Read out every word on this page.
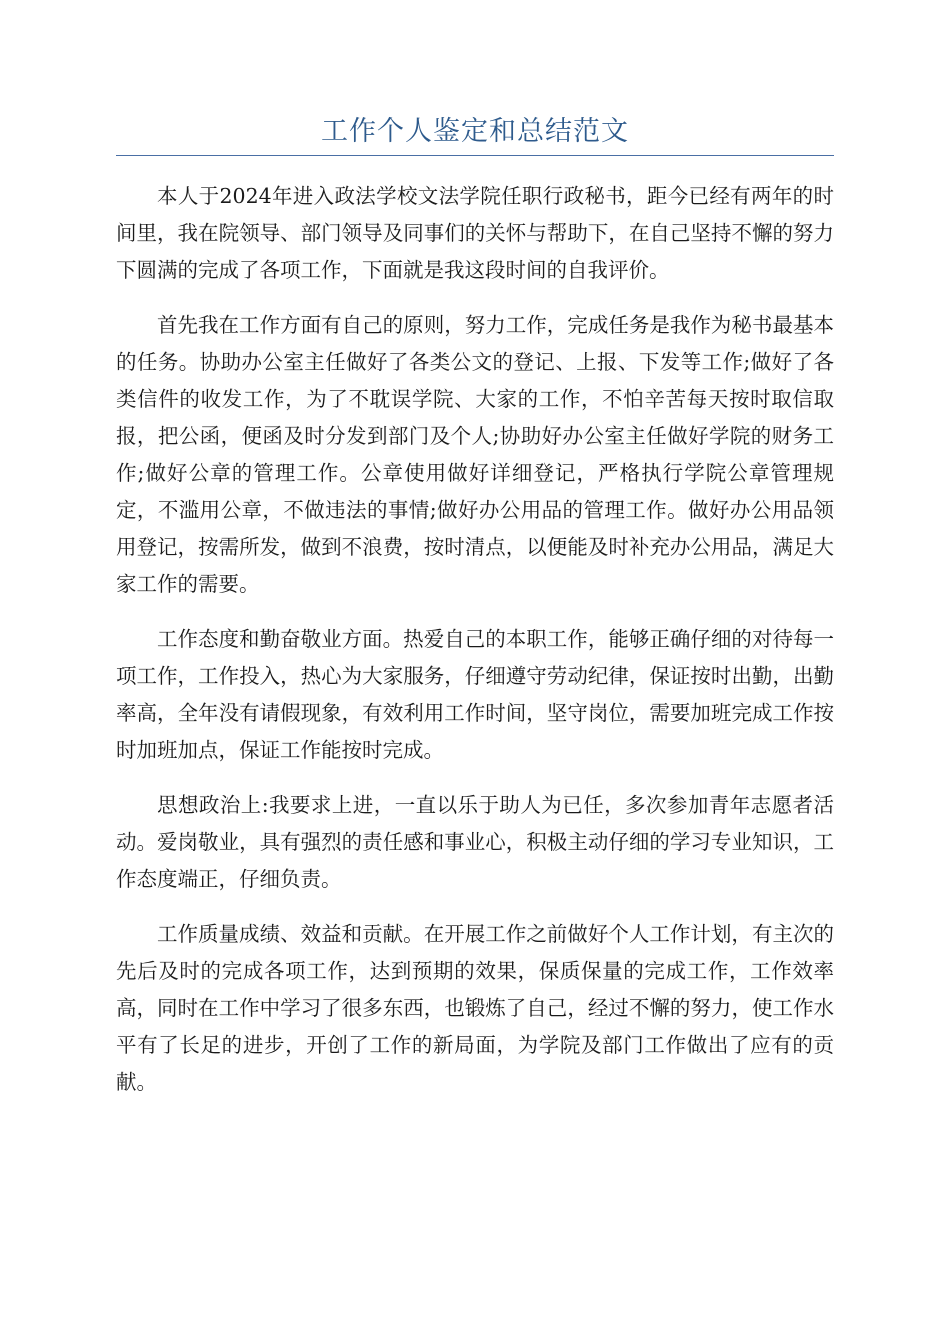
工作个人鉴定和总结范文

本人于2024年进入政法学校文法学院任职行政秘书，距今已经有两年的时间里，我在院领导、部门领导及同事们的关怀与帮助下，在自己坚持不懈的努力下圆满的完成了各项工作，下面就是我这段时间的自我评价。

首先我在工作方面有自己的原则，努力工作，完成任务是我作为秘书最基本的任务。协助办公室主任做好了各类公文的登记、上报、下发等工作;做好了各类信件的收发工作，为了不耽误学院、大家的工作，不怕辛苦每天按时取信取报，把公函，便函及时分发到部门及个人;协助好办公室主任做好学院的财务工作;做好公章的管理工作。公章使用做好详细登记，严格执行学院公章管理规定，不滥用公章，不做违法的事情;做好办公用品的管理工作。做好办公用品领用登记，按需所发，做到不浪费，按时清点，以便能及时补充办公用品，满足大家工作的需要。

工作态度和勤奋敬业方面。热爱自己的本职工作，能够正确仔细的对待每一项工作，工作投入，热心为大家服务，仔细遵守劳动纪律，保证按时出勤，出勤率高，全年没有请假现象，有效利用工作时间，坚守岗位，需要加班完成工作按时加班加点，保证工作能按时完成。

思想政治上:我要求上进，一直以乐于助人为已任，多次参加青年志愿者活动。爱岗敬业，具有强烈的责任感和事业心，积极主动仔细的学习专业知识，工作态度端正，仔细负责。

工作质量成绩、效益和贡献。在开展工作之前做好个人工作计划，有主次的先后及时的完成各项工作，达到预期的效果，保质保量的完成工作，工作效率高，同时在工作中学习了很多东西，也锻炼了自己，经过不懈的努力，使工作水平有了长足的进步，开创了工作的新局面，为学院及部门工作做出了应有的贡献。
